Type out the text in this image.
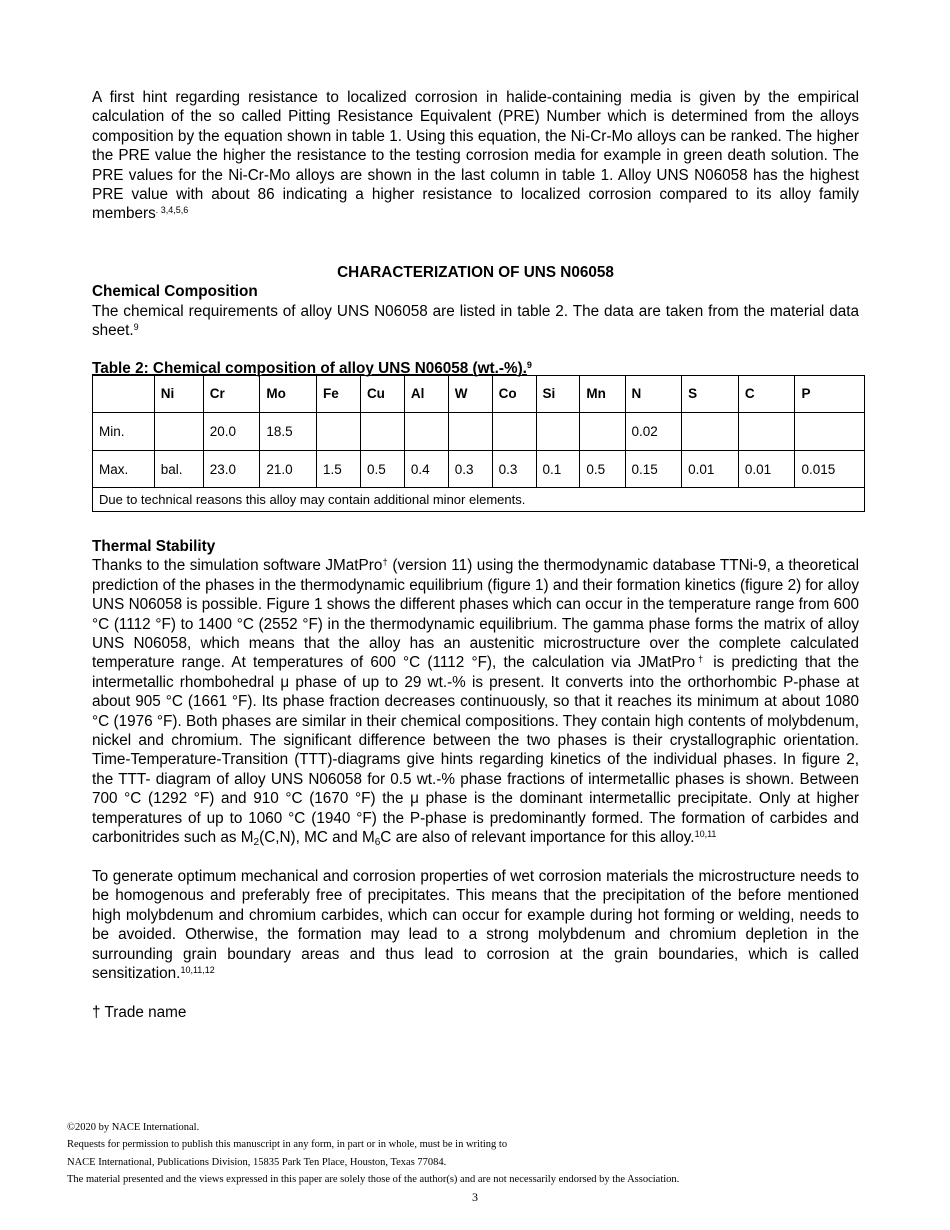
A first hint regarding resistance to localized corrosion in halide-containing media is given by the empirical calculation of the so called Pitting Resistance Equivalent (PRE) Number which is determined from the alloys composition by the equation shown in table 1. Using this equation, the Ni-Cr-Mo alloys can be ranked. The higher the PRE value the higher the resistance to the testing corrosion media for example in green death solution. The PRE values for the Ni-Cr-Mo alloys are shown in the last column in table 1. Alloy UNS N06058 has the highest PRE value with about 86 indicating a higher resistance to localized corrosion compared to its alloy family members$^{. 3,4,5,6}$

CHARACTERIZATION OF UNS N06058
Chemical Composition

The chemical requirements of alloy UNS N06058 are listed in table 2. The data are taken from the material data sheet.$^9$

Table 2: Chemical composition of alloy UNS N06058 (wt.-%).$^9$
	Ni	Cr	Mo	Fe	Cu	Al	W	Co	Si	Mn	N	S	C	P
Min.		20.0	18.5								0.02			
Max.	bal.	23.0	21.0	1.5	0.5	0.4	0.3	0.3	0.1	0.5	0.15	0.01	0.01	0.015
Due to technical reasons this alloy may contain additional minor elements.														
Thermal Stability

Thanks to the simulation software JMatPro† (version 11) using the thermodynamic database TTNi-9, a theoretical prediction of the phases in the thermodynamic equilibrium (figure 1) and their formation kinetics (figure 2) for alloy UNS N06058 is possible. Figure 1 shows the different phases which can occur in the temperature range from 600 °C (1112 °F) to 1400 °C (2552 °F) in the thermodynamic equilibrium. The gamma phase forms the matrix of alloy UNS N06058, which means that the alloy has an austenitic microstructure over the complete calculated temperature range. At temperatures of 600 °C (1112 °F), the calculation via JMatPro† is predicting that the intermetallic rhombohedral μ phase of up to 29 wt.-% is present. It converts into the orthorhombic P-phase at about 905 °C (1661 °F). Its phase fraction decreases continuously, so that it reaches its minimum at about 1080 °C (1976 °F). Both phases are similar in their chemical compositions. They contain high contents of molybdenum, nickel and chromium. The significant difference between the two phases is their crystallographic orientation. Time-Temperature-Transition (TTT)-diagrams give hints regarding kinetics of the individual phases. In figure 2, the TTT- diagram of alloy UNS N06058 for 0.5 wt.-% phase fractions of intermetallic phases is shown. Between 700 °C (1292 °F) and 910 °C (1670 °F) the μ phase is the dominant intermetallic precipitate. Only at higher temperatures of up to 1060 °C (1940 °F) the P-phase is predominantly formed. The formation of carbides and carbonitrides such as $M_2(C,N)$, MC and $M_6C$ are also of relevant importance for this alloy.$^{10,11}$

To generate optimum mechanical and corrosion properties of wet corrosion materials the microstructure needs to be homogenous and preferably free of precipitates. This means that the precipitation of the before mentioned high molybdenum and chromium carbides, which can occur for example during hot forming or welding, needs to be avoided. Otherwise, the formation may lead to a strong molybdenum and chromium depletion in the surrounding grain boundary areas and thus lead to corrosion at the grain boundaries, which is called sensitization.$^{10,11,12}$

† Trade name

©2020 by NACE International.
Requests for permission to publish this manuscript in any form, in part or in whole, must be in writing to
NACE International, Publications Division, 15835 Park Ten Place, Houston, Texas 77084.
The material presented and the views expressed in this paper are solely those of the author(s) and are not necessarily endorsed by the Association.
3
